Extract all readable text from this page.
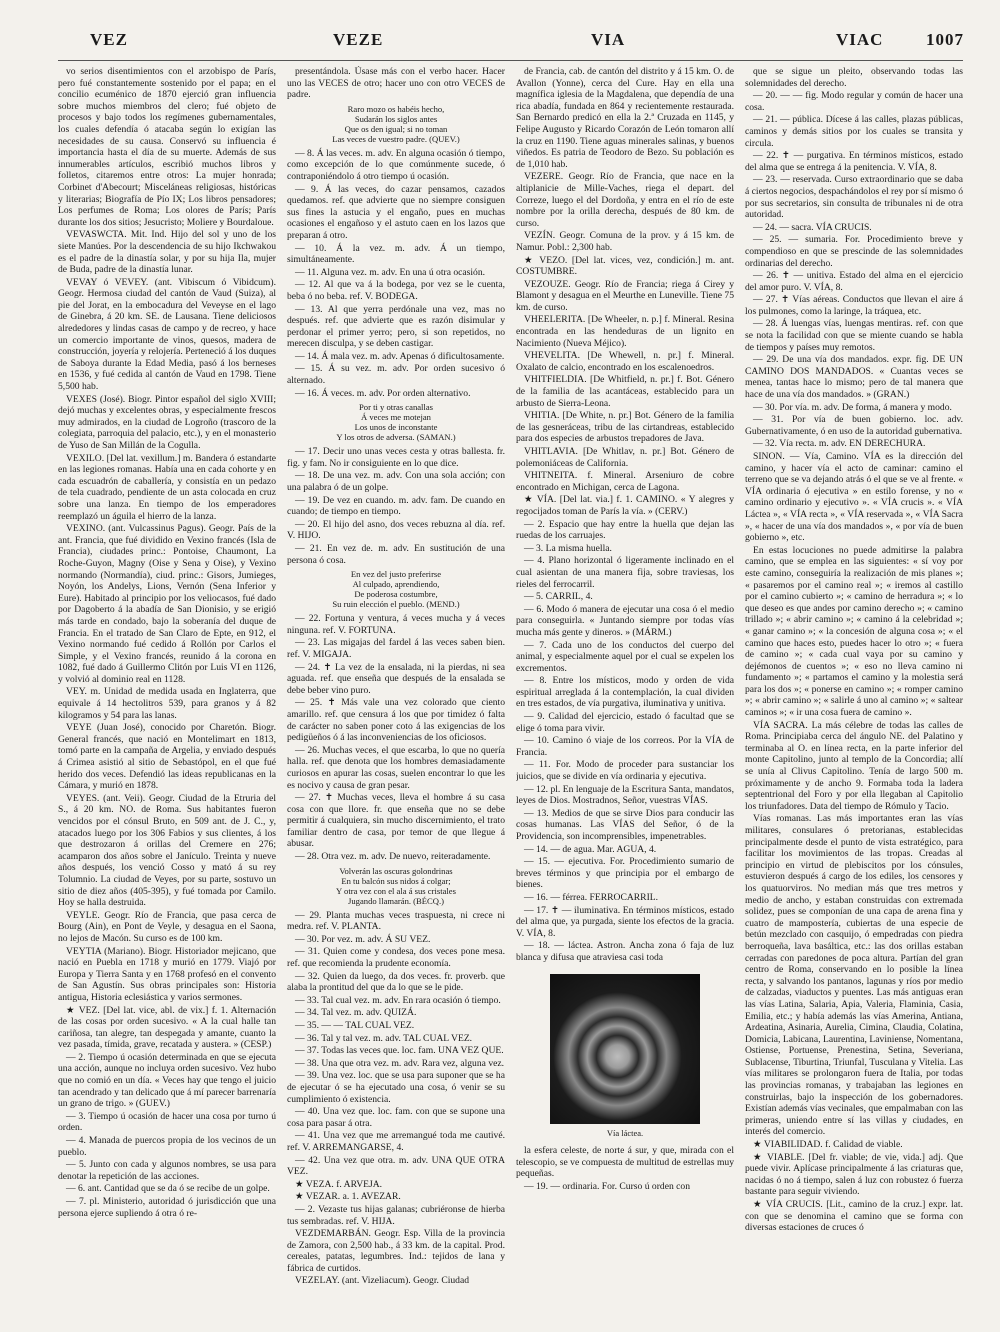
VEZ	VEZE	VIA	VIAC	1007

vo serios disentimientos con el arzobispo de París, pero fué constantemente sostenido por el papa; en el concilio ecuménico de 1870 ejerció gran influencia sobre muchos miembros del clero; fué objeto de procesos y bajo todos los regímenes gubernamentales, los cuales defendía ó atacaba según lo exigían las necesidades de su causa. Conservó su influencia é importancia hasta el día de su muerte. Además de sus innumerables artículos, escribió muchos libros y folletos, citaremos entre otros: La mujer honrada; Corbinet d'Abecourt; Misceláneas religiosas, históricas y literarias; Biografía de Pío IX; Los libros pensadores; Los perfumes de Roma; Los olores de París; París durante los dos sitios; Jesucristo; Moliere y Bourdaloue.

VEVASWCTA. Mit. Ind. Hijo del sol y uno de los siete Manúes. Por la descendencia de su hijo Ikchwakou es el padre de la dinastía solar, y por su hija Ila, mujer de Buda, padre de la dinastía lunar.

VEVAY ó VEVEY. (ant. Vibiscum ó Vibidcum). Geogr. Hermosa ciudad del cantón de Vaud (Suiza), al pie del Jorat, en la embocadura del Veveyse en el lago de Ginebra, á 20 km. SE. de Lausana. Tiene deliciosos alrededores y lindas casas de campo y de recreo, y hace un comercio importante de vinos, quesos, madera de construcción, joyería y relojería. Perteneció á los duques de Saboya durante la Edad Media, pasó á los berneses en 1536, y fué cedida al cantón de Vaud en 1798. Tiene 5,500 hab.

VEXES (José). Biogr. Pintor español del siglo XVIII; dejó muchas y excelentes obras, y especialmente frescos muy admirados, en la ciudad de Logroño (trascoro de la colegiata, parroquia del palacio, etc.), y en el monasterio de Yuso de San Millán de la Cogulla.

VEXILO. [Del lat. vexillum.] m. Bandera ó estandarte en las legiones romanas. Había una en cada cohorte y en cada escuadrón de caballería, y consistía en un pedazo de tela cuadrado, pendiente de un asta colocada en cruz sobre una lanza. En tiempo de los emperadores reemplazó un águila el hierro de la lanza.

VEXINO. (ant. Vulcassinus Pagus). Geogr. País de la ant. Francia, que fué dividido en Vexino francés (Isla de Francia), ciudades princ.: Pontoise, Chaumont, La Roche-Guyon, Magny (Oise y Sena y Oise), y Vexino normando (Normandía), ciud. princ.: Gisors, Jumieges, Noyón, los Andelys, Lions, Vernón (Sena Inferior y Eure). Habitado al principio por los veliocasos, fué dado por Dagoberto á la abadía de San Dionisio, y se erigió más tarde en condado, bajo la soberanía del duque de Francia. En el tratado de San Claro de Epte, en 912, el Vexino normando fué cedido á Rollón por Carlos el Simple, y el Vexino francés, reunido á la corona en 1082, fué dado á Guillermo Clitón por Luis VI en 1126, y volvió al dominio real en 1128.

VEY. m. Unidad de medida usada en Inglaterra, que equivale á 14 hectolitros 539, para granos y á 82 kilogramos y 54 para las lanas.

VEYE (Juan José), conocido por Charetón. Biogr. General francés, que nació en Montelimart en 1813, tomó parte en la campaña de Argelia, y enviado después á Crimea asistió al sitio de Sebastópol, en el que fué herido dos veces. Defendió las ideas republicanas en la Cámara, y murió en 1878.

VEYES. (ant. Veii). Geogr. Ciudad de la Etruria del S., á 20 km. NO. de Roma. Sus habitantes fueron vencidos por el cónsul Bruto, en 509 ant. de J. C., y, atacados luego por los 306 Fabios y sus clientes, á los que destrozaron á orillas del Cremere en 276; acamparon dos años sobre el Janículo. Treinta y nueve años después, los venció Cosso y mató á su rey Tolumnio. La ciudad de Veyes, por su parte, sostuvo un sitio de diez años (405-395), y fué tomada por Camilo. Hoy se halla destruida.

VEYLE. Geogr. Río de Francia, que pasa cerca de Bourg (Ain), en Pont de Veyle, y desagua en el Saona, no lejos de Macón. Su curso es de 100 km.

VEYTIA (Mariano). Biogr. Historiador mejicano, que nació en Puebla en 1718 y murió en 1779. Viajó por Europa y Tierra Santa y en 1768 profesó en el convento de San Agustín. Sus obras principales son: Historia antigua, Historia eclesiástica y varios sermones.

★ VEZ. [Del lat. vice, abl. de vix.] f. 1. Alternación de las cosas por orden sucesivo. « A la cual halle tan cariñosa, tan alegre, tan despegada y amante, cuanto la vez pasada, tímida, grave, recatada y austera. » (CESP.)

— 2. Tiempo ú ocasión determinada en que se ejecuta una acción, aunque no incluya orden sucesivo. Vez hubo que no comió en un día. « Veces hay que tengo el juicio tan acendrado y tan delicado que á mí parecer barrenaría un grano de trigo. » (GUEV.)

— 3. Tiempo ú ocasión de hacer una cosa por turno ú orden.

— 4. Manada de puercos propia de los vecinos de un pueblo.

— 5. Junto con cada y algunos nombres, se usa para denotar la repetición de las acciones.

— 6. ant. Cantidad que se da ó se recibe de un golpe.

— 7. pl. Ministerio, autoridad ó jurisdicción que una persona ejerce supliendo á otra ó re-

presentándola. Úsase más con el verbo hacer. Hacer uno las VECES de otro; hacer uno con otro VECES de padre.

Raro mozo os habéis hecho,
Sudarán los siglos antes
Que os den igual; si no toman
Las veces de vuestro padre. (QUEV.)

— 8. Á las veces. m. adv. En alguna ocasión ó tiempo, como excepción de lo que comúnmente sucede, ó contraponiéndolo á otro tiempo ú ocasión.

— 9. Á las veces, do cazar pensamos, cazados quedamos. ref. que advierte que no siempre consiguen sus fines la astucia y el engaño, pues en muchas ocasiones el engañoso y el astuto caen en los lazos que preparan á otro.

— 10. Á la vez. m. adv. Á un tiempo, simultáneamente.

— 11. Alguna vez. m. adv. En una ú otra ocasión.

— 12. Al que va á la bodega, por vez se le cuenta, beba ó no beba. ref. V. BODEGA.

— 13. Al que yerra perdónale una vez, mas no después. ref. que advierte que es razón disimular y perdonar el primer yerro; pero, si son repetidos, no merecen disculpa, y se deben castigar.

— 14. Á mala vez. m. adv. Apenas ó dificultosamente.

— 15. Á su vez. m. adv. Por orden sucesivo ó alternado.

— 16. Á veces. m. adv. Por orden alternativo.

Por ti y otras canallas
Á veces me motejan
Los unos de inconstante
Y los otros de adversa. (SAMAN.)

— 17. Decir uno unas veces cesta y otras ballesta. fr. fig. y fam. No ir consiguiente en lo que dice.

— 18. De una vez. m. adv. Con una sola acción; con una palabra ó de un golpe.

— 19. De vez en cuando. m. adv. fam. De cuando en cuando; de tiempo en tiempo.

— 20. El hijo del asno, dos veces rebuzna al día. ref. V. HIJO.

— 21. En vez de. m. adv. En sustitución de una persona ó cosa.

En vez del justo preferirse
Al culpado, aprendiendo,
De poderosa costumbre,
Su ruin elección el pueblo. (MEND.)

— 22. Fortuna y ventura, á veces mucha y á veces ninguna. ref. V. FORTUNA.

— 23. Las migajas del fardel á las veces saben bien. ref. V. MIGAJA.

— 24. ✝ La vez de la ensalada, ni la pierdas, ni sea aguada. ref. que enseña que después de la ensalada se debe beber vino puro.

— 25. ✝ Más vale una vez colorado que ciento amarillo. ref. que censura á los que por timidez ó falta de carácter no saben poner coto á las exigencias de los pedigüeños ó á las inconveniencias de los oficiosos.

— 26. Muchas veces, el que escarba, lo que no quería halla. ref. que denota que los hombres demasiadamente curiosos en apurar las cosas, suelen encontrar lo que les es nocivo y causa de gran pesar.

— 27. ✝ Muchas veces, lleva el hombre á su casa cosa con que llore. fr. que enseña que no se debe permitir á cualquiera, sin mucho discernimiento, el trato familiar dentro de casa, por temor de que llegue á abusar.

— 28. Otra vez. m. adv. De nuevo, reiteradamente.

Volverán las oscuras golondrinas
En tu balcón sus nidos á colgar;
Y otra vez con el ala á sus cristales
Jugando llamarán. (BÉCQ.)

— 29. Planta muchas veces traspuesta, ni crece ni medra. ref. V. PLANTA.

— 30. Por vez. m. adv. Á SU VEZ.

— 31. Quien come y condesa, dos veces pone mesa. ref. que recomienda la prudente economía.

— 32. Quien da luego, da dos veces. fr. proverb. que alaba la prontitud del que da lo que se le pide.

— 33. Tal cual vez. m. adv. En rara ocasión ó tiempo.

— 34. Tal vez. m. adv. QUIZÁ.

— 35. — — TAL CUAL VEZ.

— 36. Tal y tal vez. m. adv. TAL CUAL VEZ.

— 37. Todas las veces que. loc. fam. UNA VEZ QUE.

— 38. Una que otra vez. m. adv. Rara vez, alguna vez.

— 39. Una vez. loc. que se usa para suponer que se ha de ejecutar ó se ha ejecutado una cosa, ó venir se su cumplimiento ó existencia.

— 40. Una vez que. loc. fam. con que se supone una cosa para pasar á otra.

— 41. Una vez que me arremangué toda me cautivé. ref. V. ARREMANGARSE, 4.

— 42. Una vez que otra. m. adv. UNA QUE OTRA VEZ.

★ VEZA. f. ARVEJA.

★ VEZAR. a. 1. AVEZAR.

— 2. Vezaste tus hijas galanas; cubriéronse de hierba tus sembradas. ref. V. HIJA.

VEZDEMARBÁN. Geogr. Esp. Villa de la provincia de Zamora, con 2,500 hab., á 33 km. de la capital. Prod. cereales, patatas, legumbres. Ind.: tejidos de lana y fábrica de curtidos.

VEZELAY. (ant. Vizeliacum). Geogr. Ciudad

de Francia, cab. de cantón del distrito y á 15 km. O. de Avallon (Yonne), cerca del Cure. Hay en ella una magnífica iglesia de la Magdalena, que dependía de una rica abadía, fundada en 864 y recientemente restaurada. San Bernardo predicó en ella la 2.ª Cruzada en 1145, y Felipe Augusto y Ricardo Corazón de León tomaron allí la cruz en 1190. Tiene aguas minerales salinas, y buenos viñedos. Es patria de Teodoro de Bezo. Su población es de 1,010 hab.

VEZERE. Geogr. Río de Francia, que nace en la altiplanicie de Mille-Vaches, riega el depart. del Correze, luego el del Dordoña, y entra en el río de este nombre por la orilla derecha, después de 80 km. de curso.

VEZÍN. Geogr. Comuna de la prov. y á 15 km. de Namur. Pobl.: 2,300 hab.

★ VEZO. [Del lat. vices, vez, condición.] m. ant. COSTUMBRE.

VEZOUZE. Geogr. Río de Francia; riega á Cirey y Blamont y desagua en el Meurthe en Luneville. Tiene 75 km. de curso.

VHEELERITA. [De Wheeler, n. p.] f. Mineral. Resina encontrada en las hendeduras de un lignito en Nacimiento (Nueva Méjico).

VHEVELITA. [De Whewell, n. pr.] f. Mineral. Oxalato de calcio, encontrado en los escalenoedros.

VHITFIELDIA. [De Whitfield, n. pr.] f. Bot. Género de la familia de las acantáceas, establecido para un arbusto de Sierra-Leona.

VHITIA. [De White, n. pr.] Bot. Género de la familia de las gesneráceas, tribu de las cirtandreas, establecido para dos especies de arbustos trepadores de Java.

VHITLAVIA. [De Whitlav, n. pr.] Bot. Género de polemoniáceas de California.

VHITNEITA. f. Mineral. Arseniuro de cobre encontrado en Michigan, cerca de Lagona.

★ VÍA. [Del lat. via.] f. 1. CAMINO. « Y alegres y regocijados toman de París la vía. » (CERV.)

— 2. Espacio que hay entre la huella que dejan las ruedas de los carruajes.

— 3. La misma huella.

— 4. Plano horizontal ó ligeramente inclinado en el cual asientan de una manera fija, sobre traviesas, los rieles del ferrocarril.

— 5. CARRIL, 4.

— 6. Modo ó manera de ejecutar una cosa ó el medio para conseguirla. « Juntando siempre por todas vías mucha más gente y dineros. » (MÁRM.)

— 7. Cada uno de los conductos del cuerpo del animal, y especialmente aquel por el cual se expelen los excrementos.

— 8. Entre los místicos, modo y orden de vida espiritual arreglada á la contemplación, la cual dividen en tres estados, de vía purgativa, iluminativa y unitiva.

— 9. Calidad del ejercicio, estado ó facultad que se elige ó toma para vivir.

— 10. Camino ó viaje de los correos. Por la VÍA de Francia.

— 11. For. Modo de proceder para sustanciar los juicios, que se divide en vía ordinaria y ejecutiva.

— 12. pl. En lenguaje de la Escritura Santa, mandatos, leyes de Dios. Mostradnos, Señor, vuestras VÍAS.

— 13. Medios de que se sirve Dios para conducir las cosas humanas. Las VÍAS del Señor, ó de la Providencia, son incomprensibles, impenetrables.

— 14. — de agua. Mar. AGUA, 4.

— 15. — ejecutiva. For. Procedimiento sumario de breves términos y que principia por el embargo de bienes.

— 16. — férrea. FERROCARRIL.

— 17. ✝ — iluminativa. En términos místicos, estado del alma que, ya purgada, siente los efectos de la gracia. V. VÍA, 8.

— 18. — láctea. Astron. Ancha zona ó faja de luz blanca y difusa que atraviesa casi toda

Vía láctea.

la esfera celeste, de norte á sur, y que, mirada con el telescopio, se ve compuesta de multitud de estrellas muy pequeñas.

— 19. — ordinaria. For. Curso ú orden con

que se sigue un pleito, observando todas las solemnidades del derecho.

— 20. — — fig. Modo regular y común de hacer una cosa.

— 21. — pública. Dícese á las calles, plazas públicas, caminos y demás sitios por los cuales se transita y circula.

— 22. ✝ — purgativa. En términos místicos, estado del alma que se entrega á la penitencia. V. VÍA, 8.

— 23. — reservada. Curso extraordinario que se daba á ciertos negocios, despachándolos el rey por sí mismo ó por sus secretarios, sin consulta de tribunales ni de otra autoridad.

— 24. — sacra. VÍA CRUCIS.

— 25. — sumaria. For. Procedimiento breve y compendioso en que se prescinde de las solemnidades ordinarias del derecho.

— 26. ✝ — unitiva. Estado del alma en el ejercicio del amor puro. V. VÍA, 8.

— 27. ✝ Vías aéreas. Conductos que llevan el aire á los pulmones, como la laringe, la tráquea, etc.

— 28. Á luengas vías, luengas mentiras. ref. con que se nota la facilidad con que se miente cuando se habla de tiempos y países muy remotos.

— 29. De una vía dos mandados. expr. fig. DE UN CAMINO DOS MANDADOS. « Cuantas veces se menea, tantas hace lo mismo; pero de tal manera que hace de una vía dos mandados. » (GRAN.)

— 30. Por vía. m. adv. De forma, á manera y modo.

— 31. Por vía de buen gobierno. loc. adv. Gubernativamente, ó en uso de la autoridad gubernativa.

— 32. Vía recta. m. adv. EN DERECHURA.

SINON. — Vía, Camino. VÍA es la dirección del camino, y hacer vía el acto de caminar: camino el terreno que se va dejando atrás ó el que se ve al frente. « VÍA ordinaria ó ejecutiva » en estilo forense, y no « camino ordinario y ejecutivo ». « VÍA crucis ». « VÍA Láctea », « VÍA recta », « VÍA reservada », « VÍA Sacra », « hacer de una vía dos mandados », « por vía de buen gobierno », etc.

En estas locuciones no puede admitirse la palabra camino, que se emplea en las siguientes: « sí voy por este camino, conseguiría la realización de mis planes »; « pasaremos por el camino real »; « iremos al castillo por el camino cubierto »; « camino de herradura »; « lo que deseo es que andes por camino derecho »; « camino trillado »; « abrir camino »; « camino á la celebridad »; « ganar camino »; « la concesión de alguna cosa »; « el camino que haces esto, puedes hacer lo otro »; « fuera de camino »; « cada cual vaya por su camino y dejémonos de cuentos »; « eso no lleva camino ni fundamento »; « partamos el camino y la molestia será para los dos »; « ponerse en camino »; « romper camino »; « abrir camino »; « salirle á uno al camino »; « saltear caminos »; « ir una cosa fuera de camino ».

VÍA SACRA. La más célebre de todas las calles de Roma. Principiaba cerca del ángulo NE. del Palatino y terminaba al O. en línea recta, en la parte inferior del monte Capitolino, junto al templo de la Concordia; allí se unía al Clivus Capitolino. Tenía de largo 500 m. próximamente y de ancho 9. Formaba toda la ladera septentrional del Foro y por ella llegaban al Capitolio los triunfadores. Data del tiempo de Rómulo y Tacio.

Vías romanas. Las más importantes eran las vías militares, consulares ó pretorianas, establecidas principalmente desde el punto de vista estratégico, para facilitar los movimientos de las tropas. Creadas al principio en virtud de plebiscitos por los cónsules, estuvieron después á cargo de los ediles, los censores y los quatuorviros. No median más que tres metros y medio de ancho, y estaban construidas con extremada solidez, pues se componían de una capa de arena fina y cuatro de mampostería, cubiertas de una especie de betún mezclado con casquijo, ó empedradas con piedra berroqueña, lava basáltica, etc.: las dos orillas estaban cerradas con paredones de poca altura. Partían del gran centro de Roma, conservando en lo posible la línea recta, y salvando los pantanos, lagunas y ríos por medio de calzadas, viaductos y puentes. Las más antiguas eran las vías Latina, Salaria, Apia, Valeria, Flaminia, Casia, Emilia, etc.; y había además las vías Amerina, Antiana, Ardeatina, Asinaria, Aurelia, Cimina, Claudia, Colatina, Domicia, Labicana, Laurentina, Laviniense, Nomentana, Ostiense, Portuense, Prenestina, Setina, Severiana, Sublacense, Tiburtina, Triunfal, Tusculana y Vitelia. Las vías militares se prolongaron fuera de Italia, por todas las provincias romanas, y trabajaban las legiones en construirlas, bajo la inspección de los gobernadores. Existían además vías vecinales, que empalmaban con las primeras, uniendo entre sí las villas y ciudades, en interés del comercio.

★ VIABILIDAD. f. Calidad de viable.

★ VIABLE. [Del fr. viable; de vie, vida.] adj. Que puede vivir. Aplícase principalmente á las criaturas que, nacidas ó no á tiempo, salen á luz con robustez ó fuerza bastante para seguir viviendo.

★ VÍA CRUCIS. [Lit., camino de la cruz.] expr. lat. con que se denomina el camino que se forma con diversas estaciones de cruces ó
